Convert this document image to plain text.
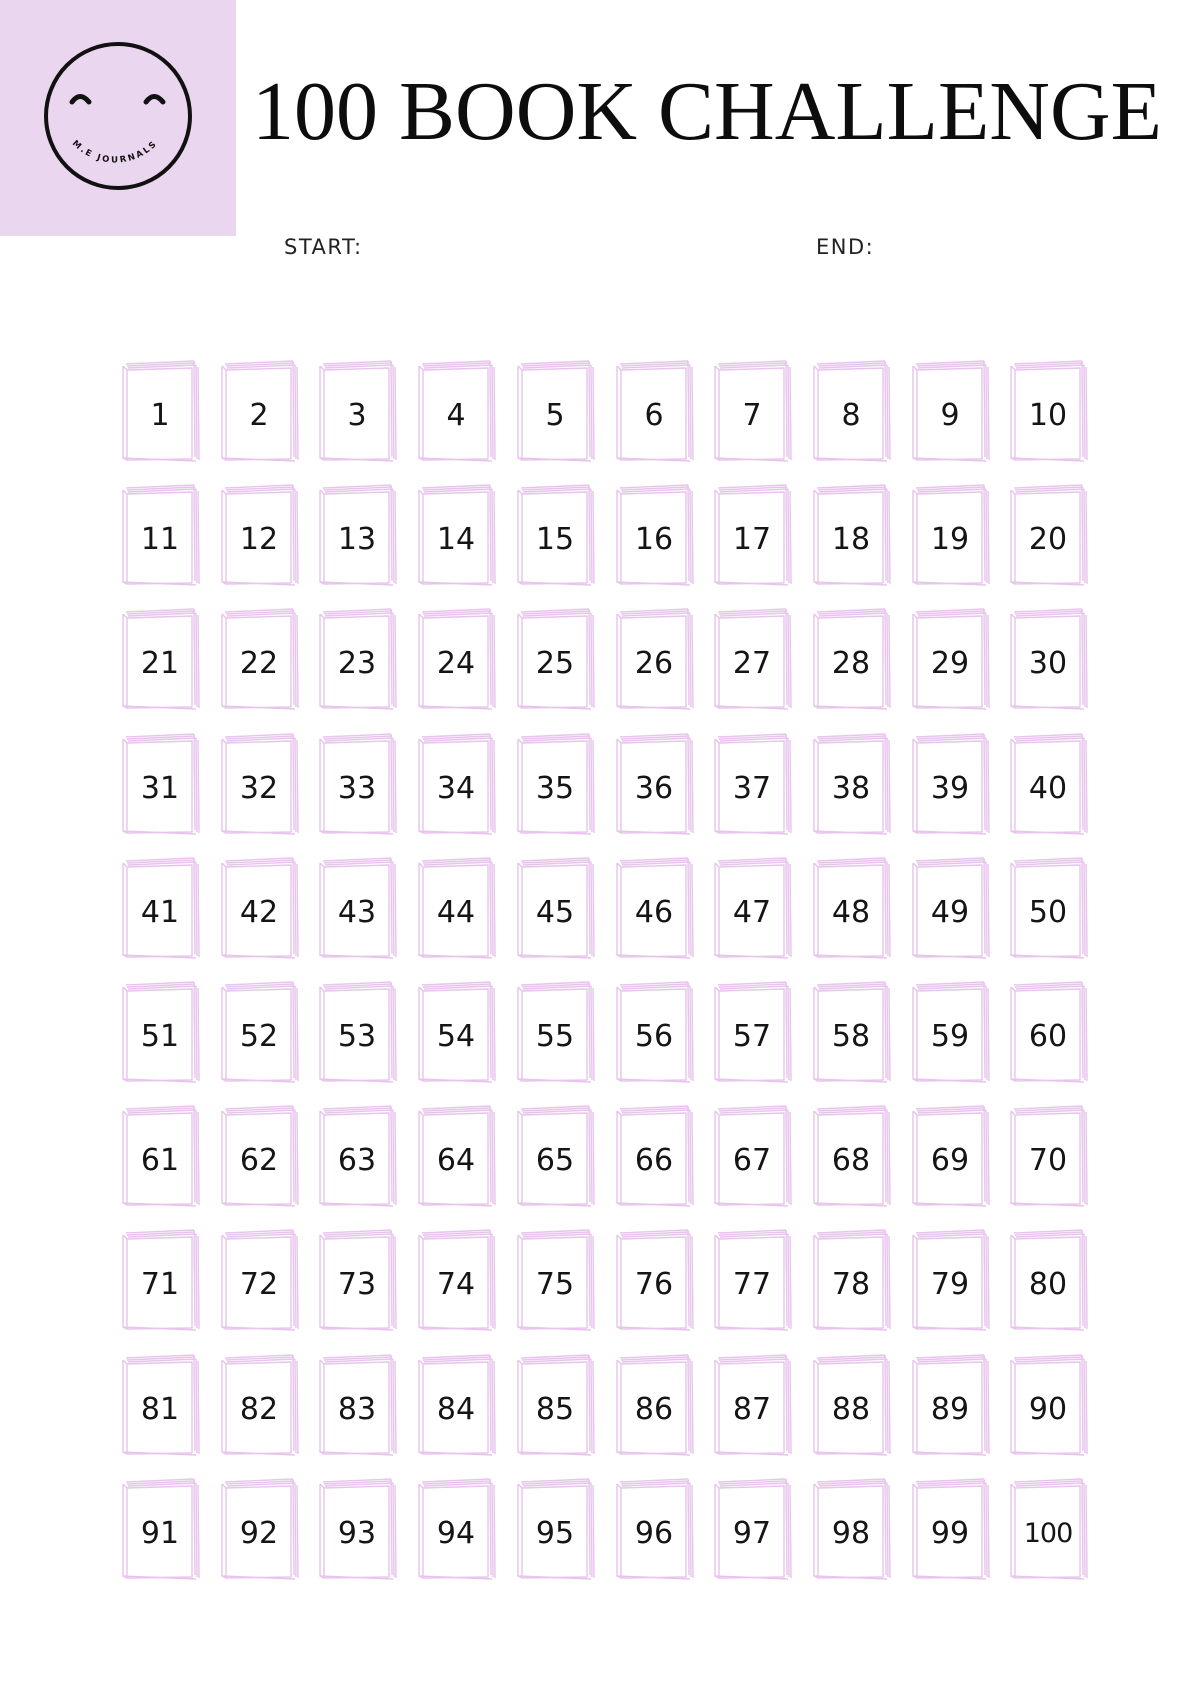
M.E JOURNALS 100 BOOK CHALLENGE
START:	END:
1	2	3	4	5	6	7	8	9	10
11	12	13	14	15	16	17	18	19	20
21	22	23	24	25	26	27	28	29	30
31	32	33	34	35	36	37	38	39	40
41	42	43	44	45	46	47	48	49	50
51	52	53	54	55	56	57	58	59	60
61	62	63	64	65	66	67	68	69	70
71	72	73	74	75	76	77	78	79	80
81	82	83	84	85	86	87	88	89	90
91	92	93	94	95	96	97	98	99	100
